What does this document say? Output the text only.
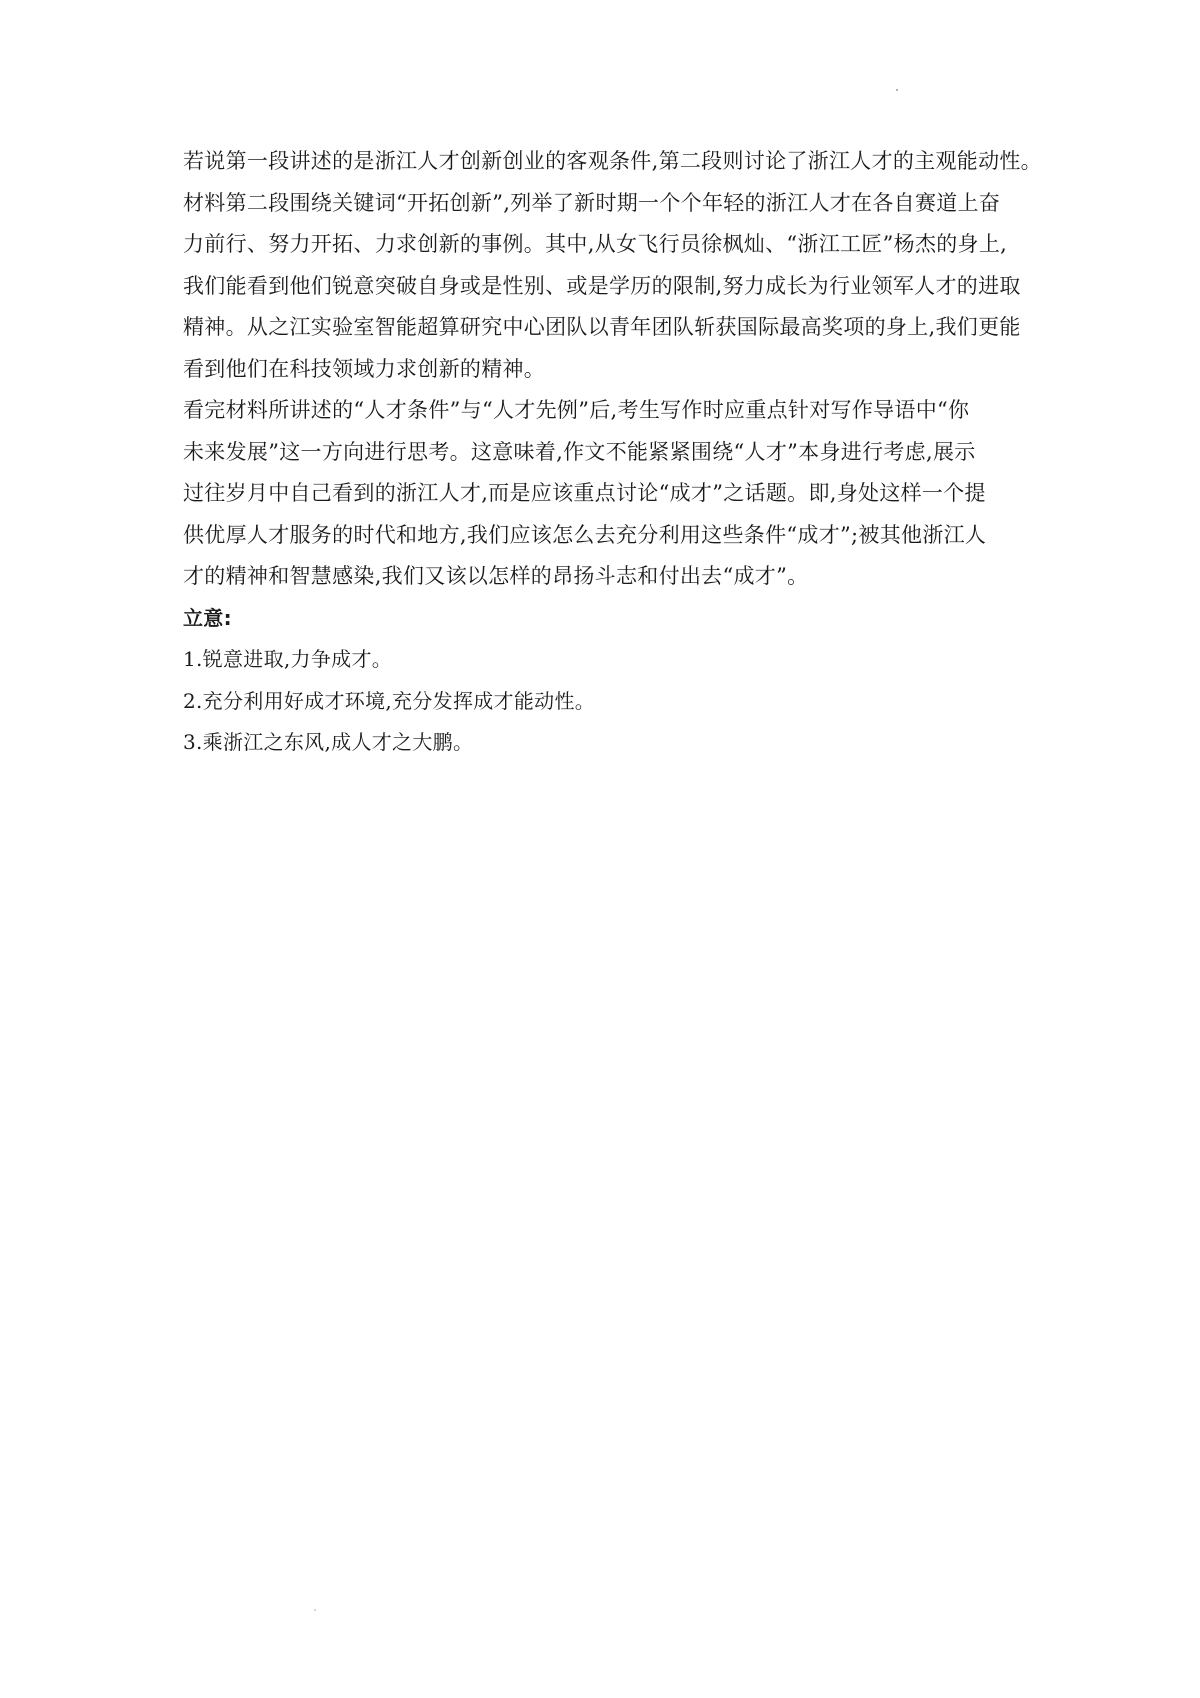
若说第一段讲述的是浙江人才创新创业的客观条件,第二段则讨论了浙江人才的主观能动性。

材料第二段围绕关键词“开拓创新”,列举了新时期一个个年轻的浙江人才在各自赛道上奋

力前行、努力开拓、力求创新的事例。其中,从女飞行员徐枫灿、“浙江工匠”杨杰的身上,

我们能看到他们锐意突破自身或是性别、或是学历的限制,努力成长为行业领军人才的进取

精神。从之江实验室智能超算研究中心团队以青年团队斩获国际最高奖项的身上,我们更能

看到他们在科技领域力求创新的精神。

看完材料所讲述的“人才条件”与“人才先例”后,考生写作时应重点针对写作导语中“你

未来发展”这一方向进行思考。这意味着,作文不能紧紧围绕“人才”本身进行考虑,展示

过往岁月中自己看到的浙江人才,而是应该重点讨论“成才”之话题。即,身处这样一个提

供优厚人才服务的时代和地方,我们应该怎么去充分利用这些条件“成才”;被其他浙江人

才的精神和智慧感染,我们又该以怎样的昂扬斗志和付出去“成才”。

立意:

1.锐意进取,力争成才。

2.充分利用好成才环境,充分发挥成才能动性。

3.乘浙江之东风,成人才之大鹏。
